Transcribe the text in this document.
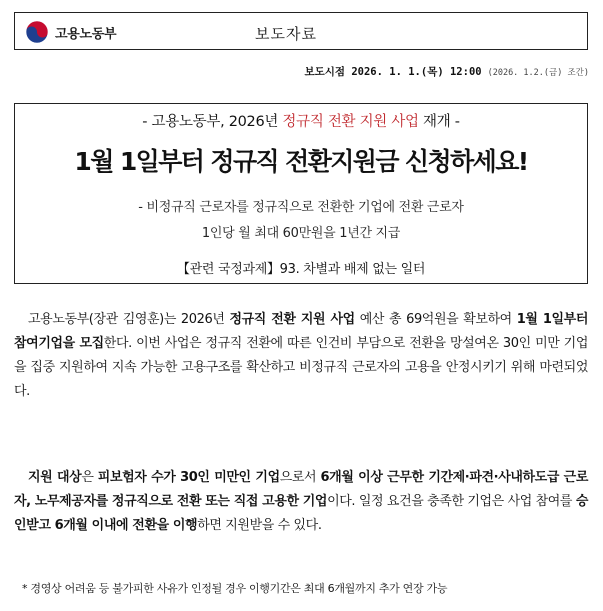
고용노동부	보도자료
보도시점 2026. 1. 1.(목) 12:00 (2026. 1.2.(금) 조간)
- 고용노동부, 2026년 정규직 전환 지원 사업 재개 -
1월 1일부터 정규직 전환지원금 신청하세요!
- 비정규직 근로자를 정규직으로 전환한 기업에 전환 근로자
1인당 월 최대 60만원을 1년간 지급
【관련 국정과제】93. 차별과 배제 없는 일터

고용노동부(장관 김영훈)는 2026년 정규직 전환 지원 사업 예산 총 69억원을 확보하여 1월 1일부터 참여기업을 모집한다. 이번 사업은 정규직 전환에 따른 인건비 부담으로 전환을 망설여온 30인 미만 기업을 집중 지원하여 지속 가능한 고용구조를 확산하고 비정규직 근로자의 고용을 안정시키기 위해 마련되었다.

지원 대상은 피보험자 수가 30인 미만인 기업으로서 6개월 이상 근무한 기간제·파견·사내하도급 근로자, 노무제공자를 정규직으로 전환 또는 직접 고용한 기업이다. 일정 요건을 충족한 기업은 사업 참여를 승인받고 6개월 이내에 전환을 이행하면 지원받을 수 있다.

* 경영상 어려움 등 불가피한 사유가 인정될 경우 이행기간은 최대 6개월까지 추가 연장 가능
